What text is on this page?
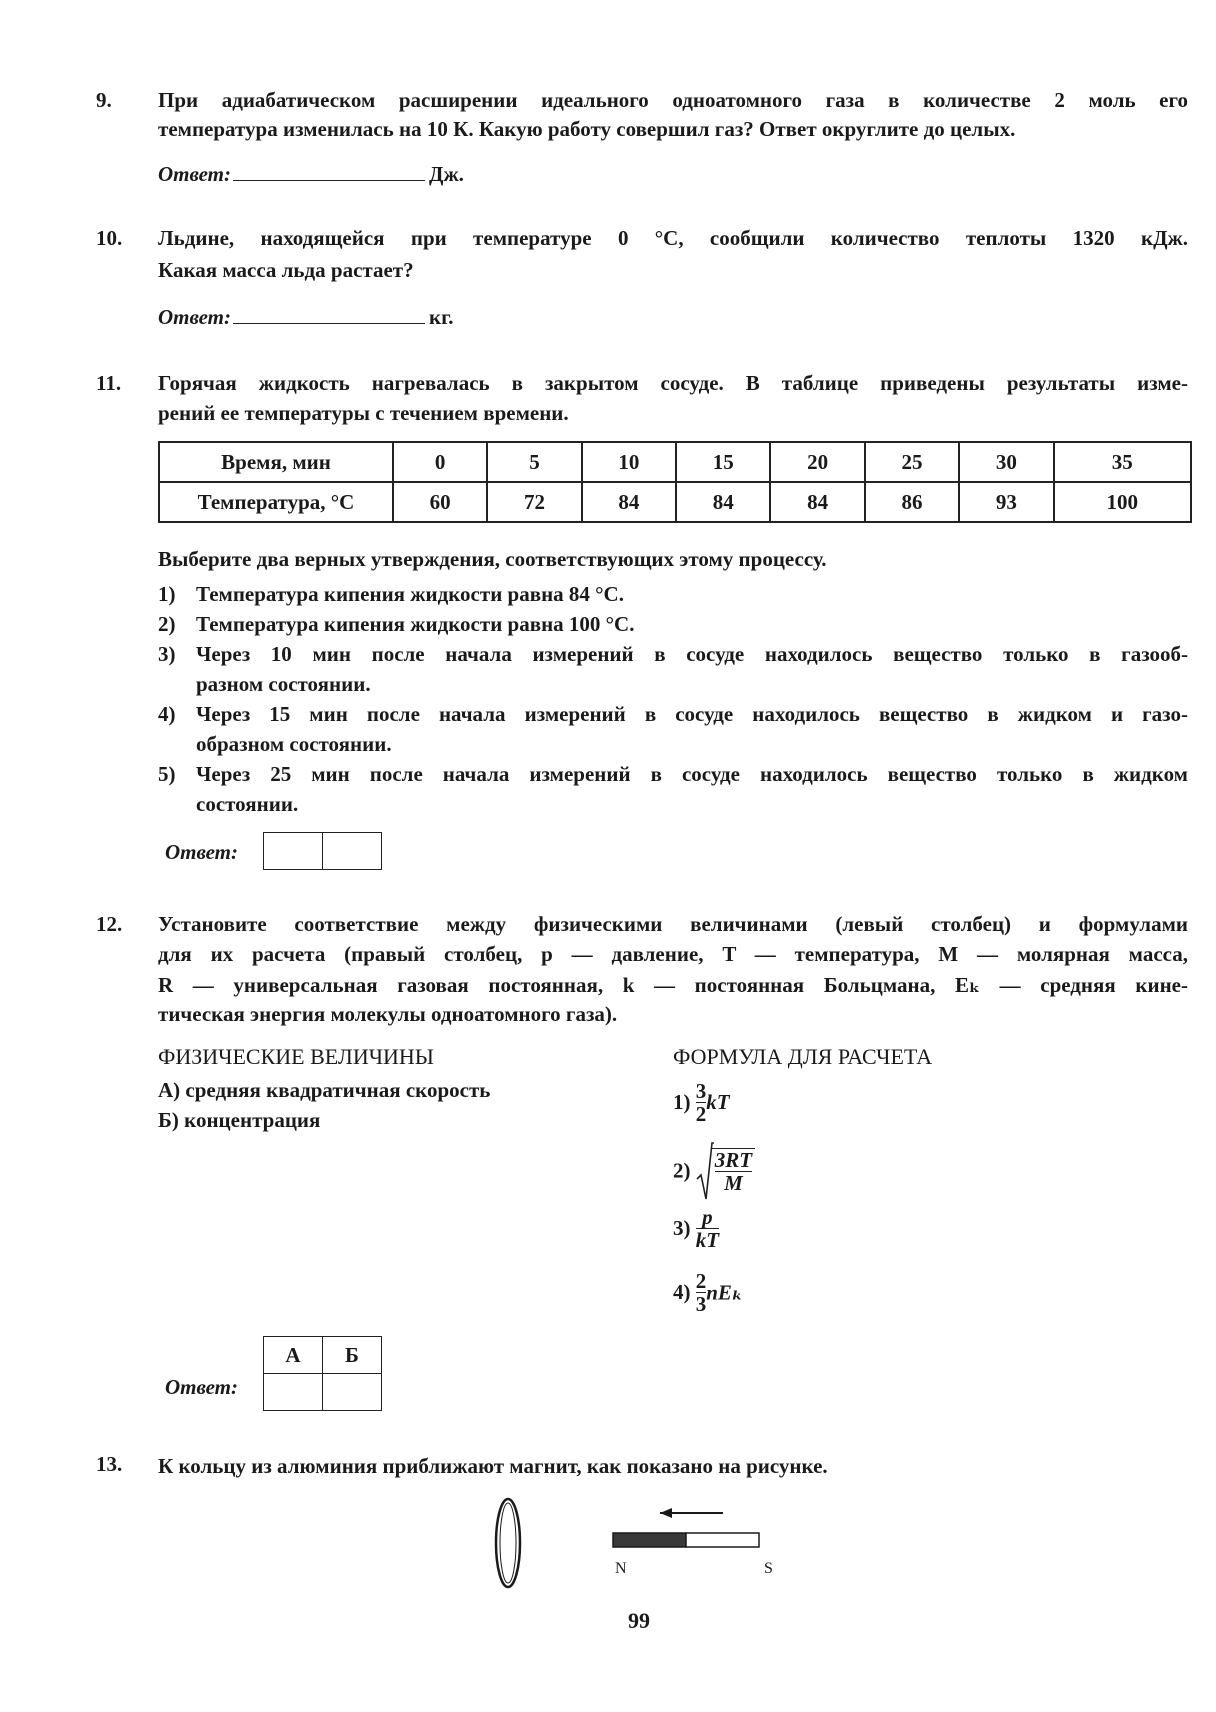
9. При адиабатическом расширении идеального одноатомного газа в количестве 2 моль его
температура изменилась на 10 К. Какую работу совершил газ? Ответ округлите до целых.
Ответ:	Дж.
10. Льдине, находящейся при температуре 0 °С, сообщили количество теплоты 1320 кДж.
Какая масса льда растает?
Ответ:	кг.
11. Горячая жидкость нагревалась в закрытом сосуде. В таблице приведены результаты изме-
рений ее температуры с течением времени.
Время, мин	0	5	10	15	20	25	30	35
Температура, °С	60	72	84	84	84	86	93	100
Выберите два верных утверждения, соответствующих этому процессу.
1) Температура кипения жидкости равна 84 °С.
2) Температура кипения жидкости равна 100 °С.
3) Через 10 мин после начала измерений в сосуде находилось вещество только в газооб-
разном состоянии.
4) Через 15 мин после начала измерений в сосуде находилось вещество в жидком и газо-
образном состоянии.
5) Через 25 мин после начала измерений в сосуде находилось вещество только в жидком
состоянии.
Ответ:

12. Установите соответствие между физическими величинами (левый столбец) и формулами
для их расчета (правый столбец, p — давление, T — температура, M — молярная масса,
R — универсальная газовая постоянная, k — постоянная Больцмана, Eₖ — средняя кине-
тическая энергия молекулы одноатомного газа).
ФИЗИЧЕСКИЕ ВЕЛИЧИНЫ	ФОРМУЛА ДЛЯ РАСЧЕТА
А) средняя квадратичная скорость
Б) концентрация
$1) \frac{3}{2}$ kT
$2) \frac{3RT}{M}$
$3) \frac{p}{kT}$
$4) \frac{2}{3}$ nEₖ
Ответ:
А	Б

13. К кольцу из алюминия приближают магнит, как показано на рисунке.
N	S
99
